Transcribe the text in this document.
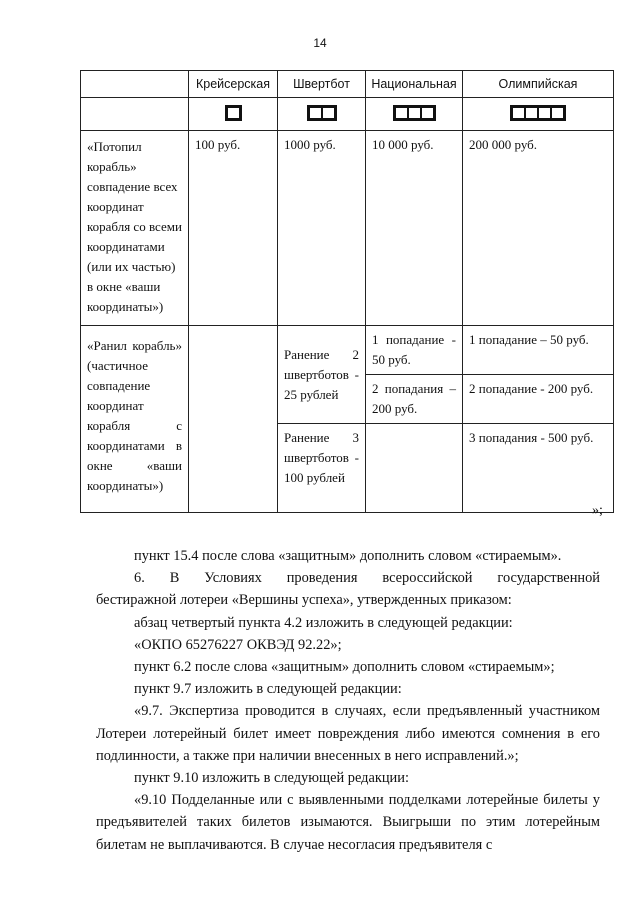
14
	Крейсерская	Швертбот	Национальная	Олимпийская

«Потопил корабль» совпадение всех координат корабля со всеми координатами (или их частью) в окне «ваши координаты»)	100 руб.	1000 руб.	10 000 руб.	200 000 руб.
«Ранил корабль» (частичное совпадение координат корабля с координатами в окне «ваши координаты»)		Ранение 2 швертботов - 25 рублей	1 попадание - 50 руб.	1 попадание – 50 руб.
			2 попадания – 200 руб.	2 попадание - 200 руб.
		Ранение 3 швертботов - 100 рублей		3 попадания - 500 руб.
»;

пункт 15.4 после слова «защитным» дополнить словом «стираемым».

6. В Условиях проведения всероссийской государственной

бестиражной лотереи «Вершины успеха», утвержденных приказом:

абзац четвертый пункта 4.2 изложить в следующей редакции:

«ОКПО 65276227 ОКВЭД 92.22»;

пункт 6.2 после слова «защитным» дополнить словом «стираемым»;

пункт 9.7 изложить в следующей редакции:

«9.7. Экспертиза проводится в случаях, если предъявленный участником Лотереи лотерейный билет имеет повреждения либо имеются сомнения в его подлинности, а также при наличии внесенных в него исправлений.»;

пункт 9.10 изложить в следующей редакции:

«9.10 Подделанные или с выявленными подделками лотерейные билеты у предъявителей таких билетов изымаются. Выигрыши по этим лотерейным билетам не выплачиваются. В случае несогласия предъявителя с
